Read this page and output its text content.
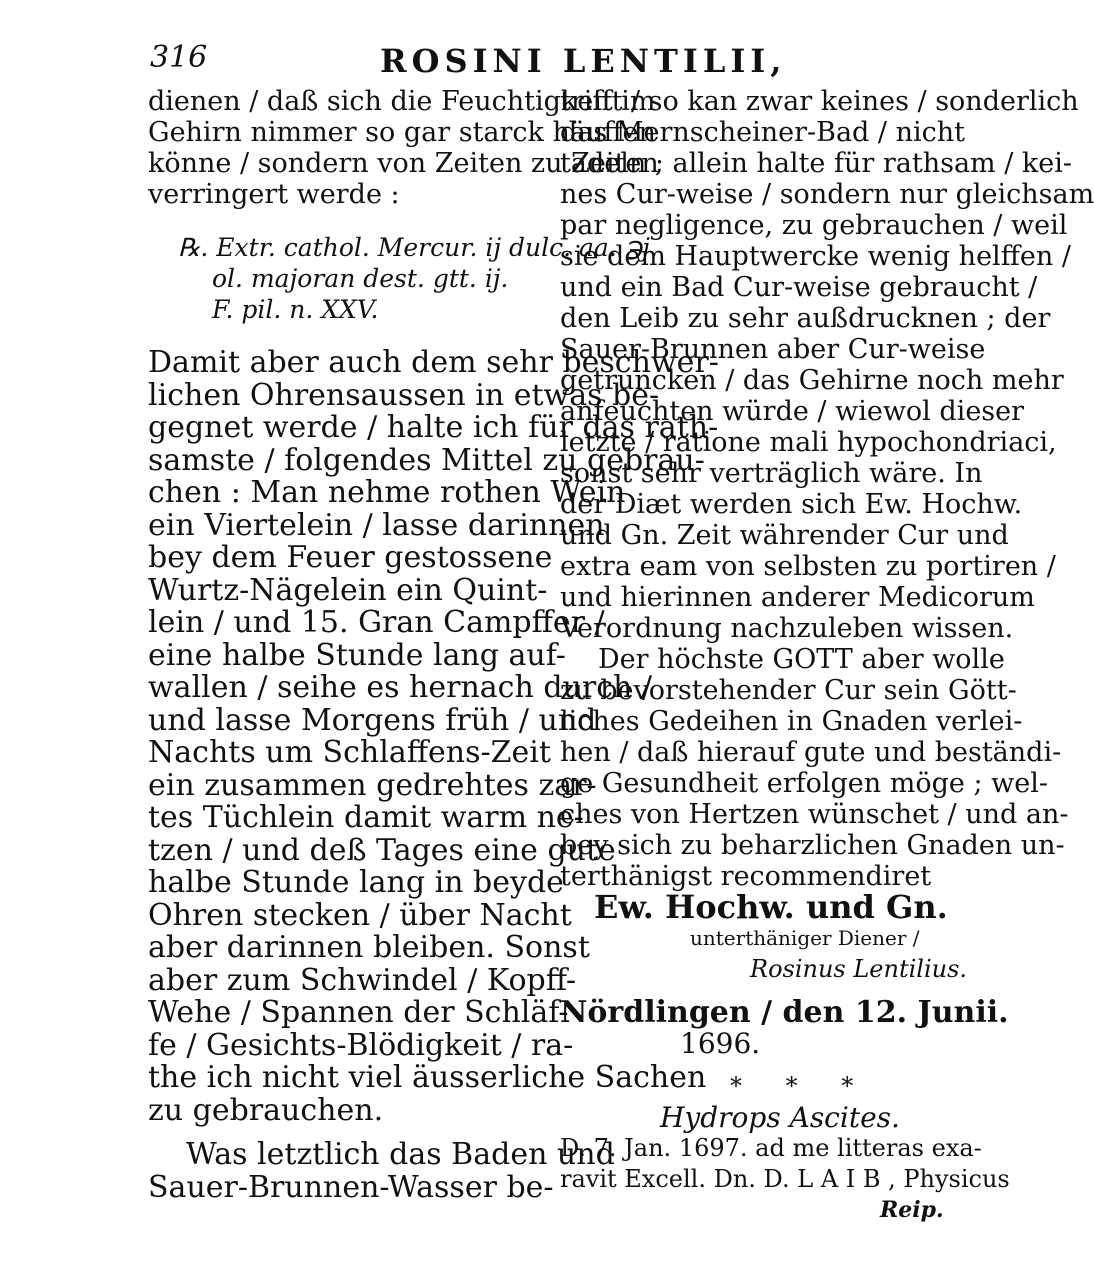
316	ROSINI LENTILII,
dienen / daß sich die Feuchtigkeit im
Gehirn nimmer so gar starck häuffen
könne / sondern von Zeiten zu Zeiten
verringert werde :
℞. Extr. cathol. Mercur. ij dulc. aa. ℈j.
ol. majoran dest. gtt. ij.
F. pil. n. XXV.
Damit aber auch dem sehr beschwer-
lichen Ohrensaussen in etwas be-
gegnet werde / halte ich für das rath-
samste / folgendes Mittel zu gebrau-
chen : Man nehme rothen Wein
ein Viertelein / lasse darinnen
bey dem Feuer gestossene
Wurtz-Nägelein ein Quint-
lein / und 15. Gran Campffer /
eine halbe Stunde lang auf-
wallen / seihe es hernach durch /
und lasse Morgens früh / und
Nachts um Schlaffens-Zeit
ein zusammen gedrehtes zar-
tes Tüchlein damit warm ne-
tzen / und deß Tages eine gute
halbe Stunde lang in beyde
Ohren stecken / über Nacht
aber darinnen bleiben. Sonst
aber zum Schwindel / Kopff-
Wehe / Spannen der Schläf-
fe / Gesichts-Blödigkeit / ra-
the ich nicht viel äusserliche Sachen
zu gebrauchen.
Was letztlich das Baden und
Sauer-Brunnen-Wasser be-
trifft / so kan zwar keines / sonderlich
das Mernscheiner-Bad / nicht
tadeln ; allein halte für rathsam / kei-
nes Cur-weise / sondern nur gleichsam
par negligence, zu gebrauchen / weil
sie dem Hauptwercke wenig helffen /
und ein Bad Cur-weise gebraucht /
den Leib zu sehr außdrucknen ; der
Sauer-Brunnen aber Cur-weise
getruncken / das Gehirne noch mehr
anfeuchten würde / wiewol dieser
letzte / ratione mali hypochondriaci,
sonst sehr verträglich wäre. In
der Diæt werden sich Ew. Hochw.
und Gn. Zeit währender Cur und
extra eam von selbsten zu portiren /
und hierinnen anderer Medicorum
Verordnung nachzuleben wissen.
Der höchste GOTT aber wolle
zu bevorstehender Cur sein Gött-
liches Gedeihen in Gnaden verlei-
hen / daß hierauf gute und beständi-
ge Gesundheit erfolgen möge ; wel-
ches von Hertzen wünschet / und an-
bey sich zu beharzlichen Gnaden un-
terthänigst recommendiret
Ew. Hochw. und Gn.
unterthäniger Diener /
Rosinus Lentilius.
Nördlingen / den 12. Junii.
1696.
* * *
Hydrops Ascites.
D. 7. Jan. 1697. ad me litteras exa-
ravit Excell. Dn. D. L A I B , Physicus
Reip.
